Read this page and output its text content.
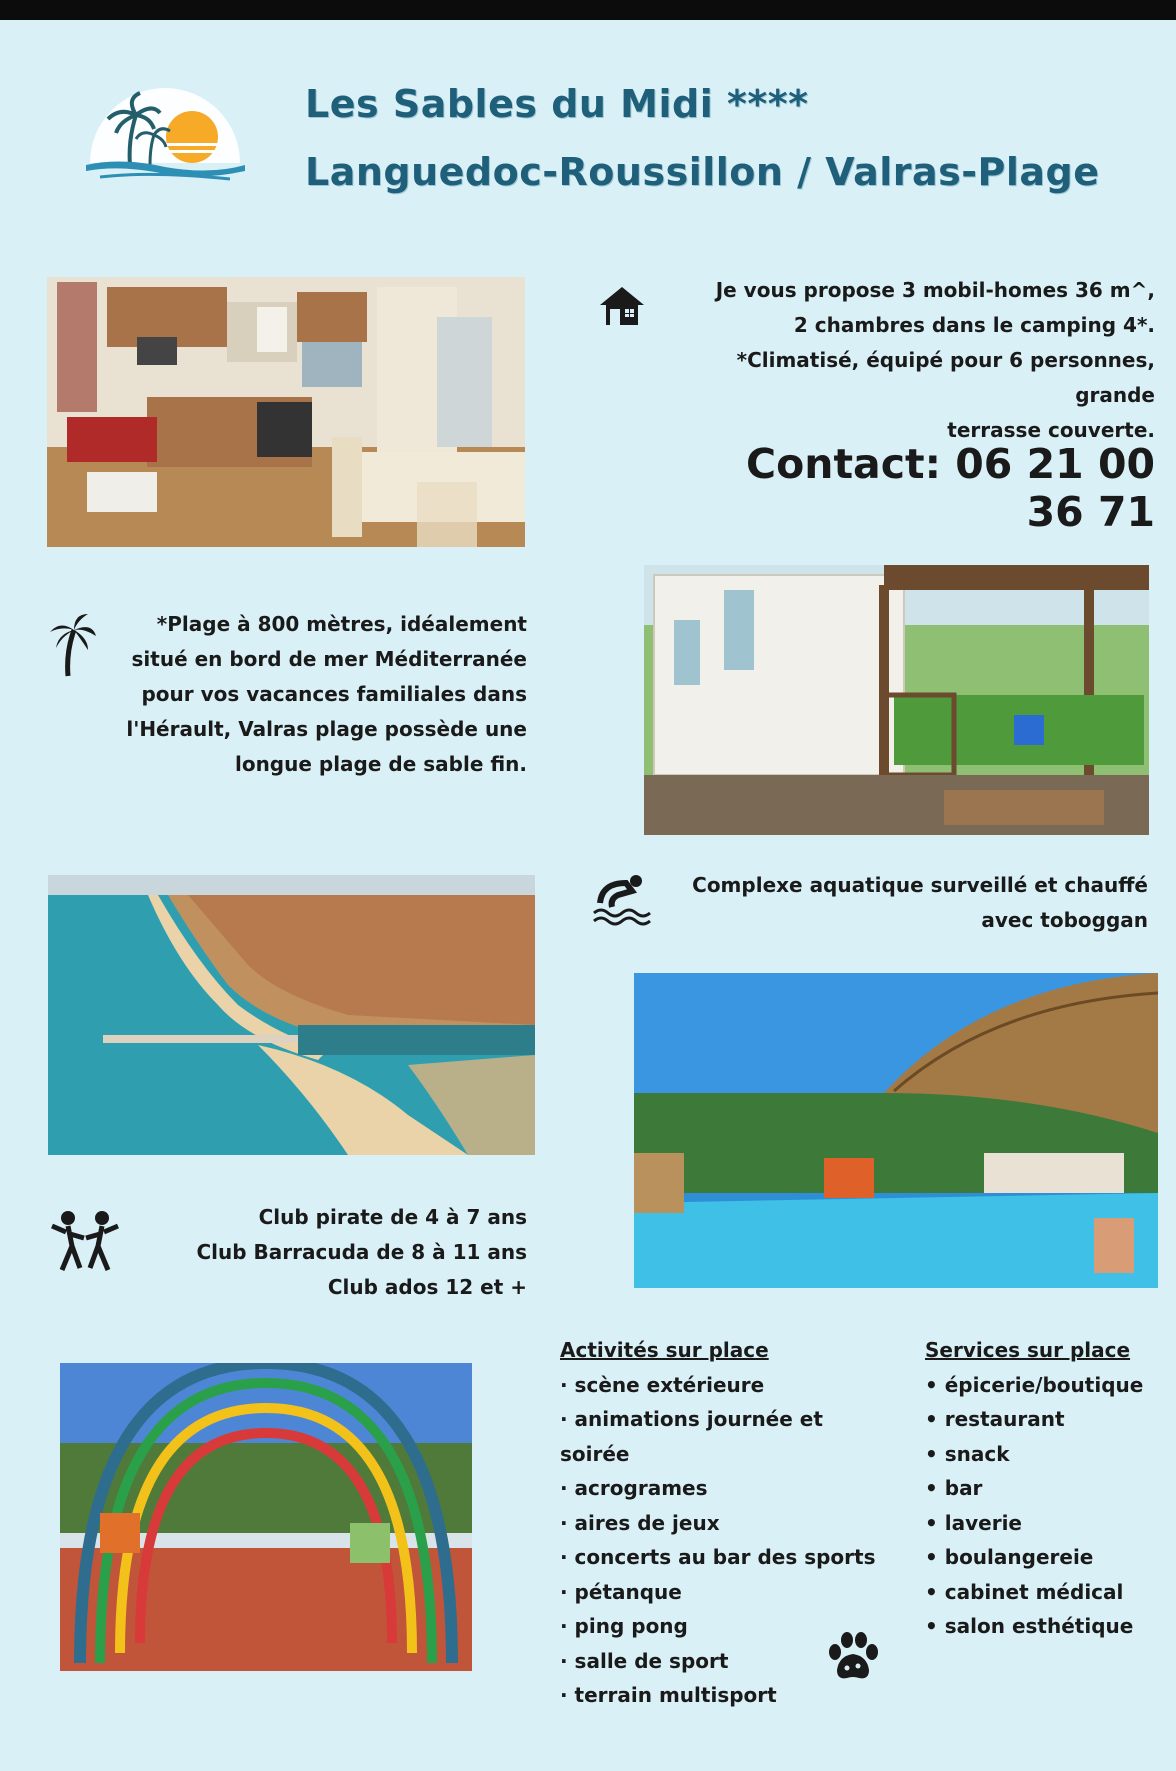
Les Sables du Midi ****
Languedoc-Roussillon / Valras-Plage
Je vous propose 3 mobil-homes 36 m^,
2 chambres dans le camping 4*.
*Climatisé, équipé pour 6 personnes, grande
terrasse couverte.
Contact: 06 21 00 36 71
*Plage à 800 mètres, idéalement
situé en bord de mer Méditerranée
pour vos vacances familiales dans
l'Hérault, Valras plage possède une
longue plage de sable fin.
Complexe aquatique surveillé et chauffé
avec toboggan
Club pirate de 4 à 7 ans
Club Barracuda de 8 à 11 ans
Club ados 12 et +
Activités sur place
· scène extérieure
· animations journée et
soirée
· acrogrames
· aires de jeux
· concerts au bar des sports
· pétanque
· ping pong
· salle de sport
· terrain multisport
Services sur place
• épicerie/boutique
• restaurant
• snack
• bar
• laverie
• boulangereie
• cabinet médical
• salon esthétique
